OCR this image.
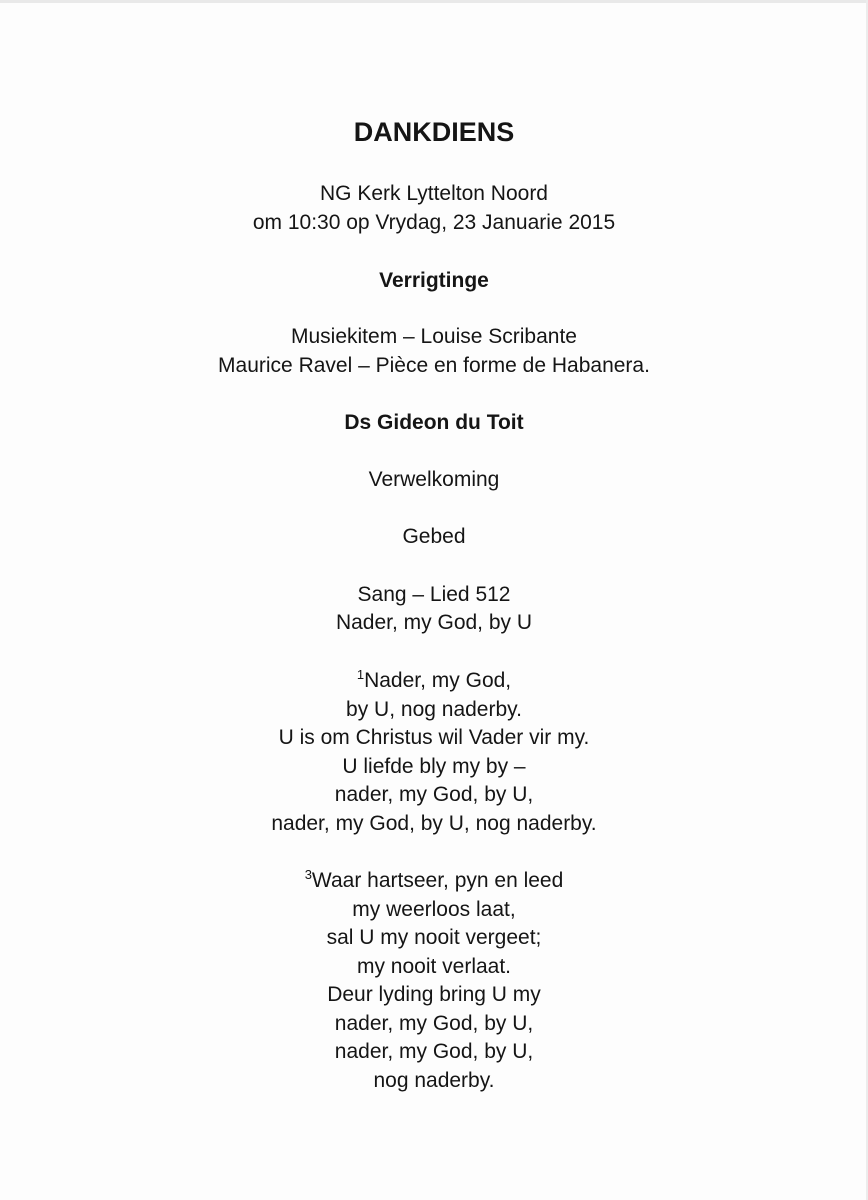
DANKDIENS
NG Kerk Lyttelton Noord
om 10:30 op Vrydag, 23 Januarie 2015
Verrigtinge
Musiekitem – Louise Scribante
Maurice Ravel – Pièce en forme de Habanera.
Ds Gideon du Toit
Verwelkoming
Gebed
Sang – Lied 512
Nader, my God, by U
$^1$Nader, my God,
by U, nog naderby.
U is om Christus wil Vader vir my.
U liefde bly my by –
nader, my God, by U,
nader, my God, by U, nog naderby.
$^3$Waar hartseer, pyn en leed
my weerloos laat,
sal U my nooit vergeet;
my nooit verlaat.
Deur lyding bring U my
nader, my God, by U,
nader, my God, by U,
nog naderby.
